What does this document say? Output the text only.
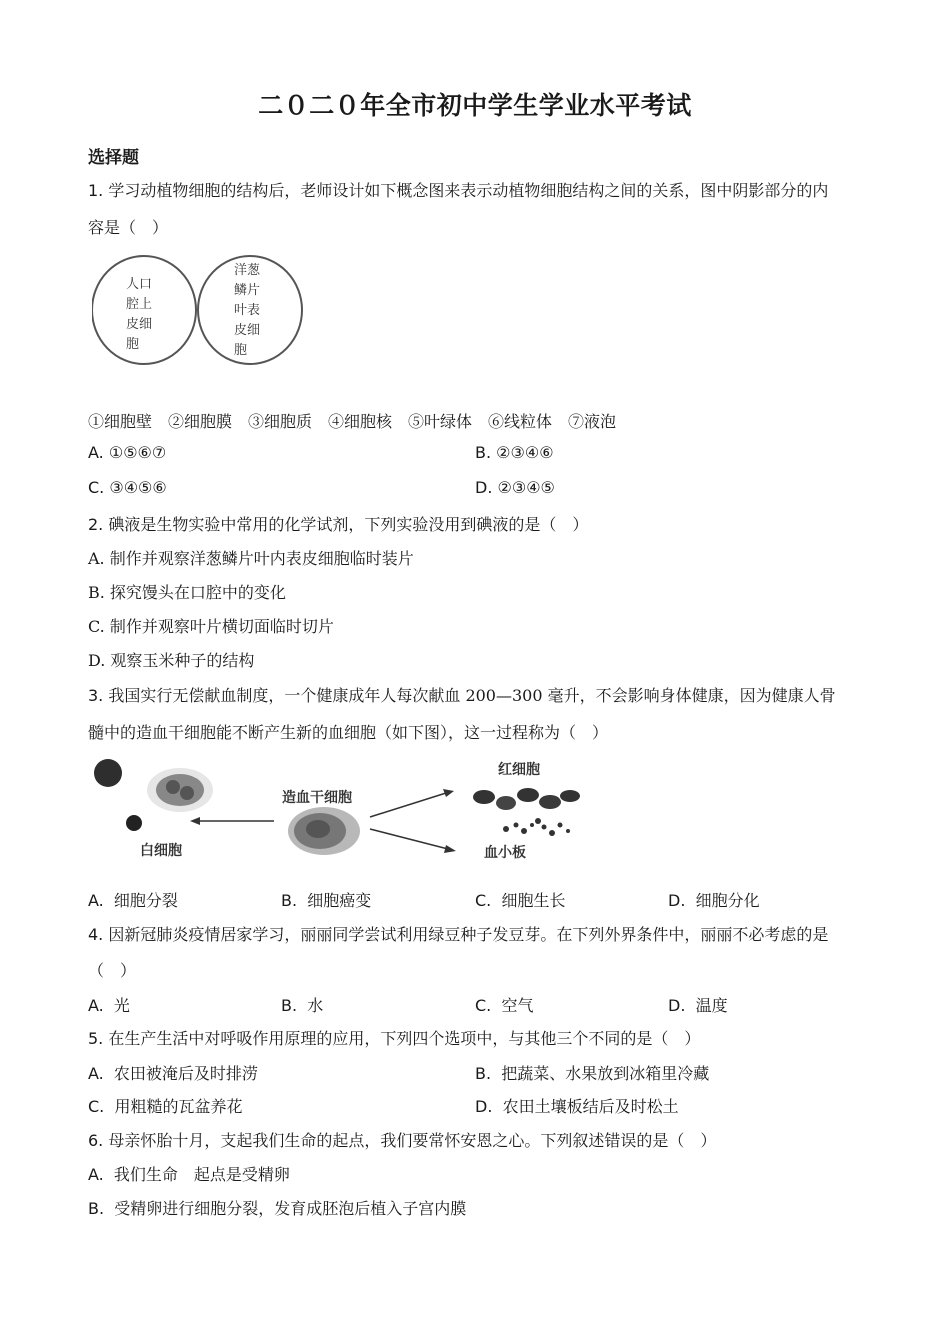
二０二０年全市初中学生学业水平考试
选择题
1. 学习动植物细胞的结构后，老师设计如下概念图来表示动植物细胞结构之间的关系，图中阴影部分的内
容是（　）
人口
腔上
皮细
胞
洋葱
鳞片
叶表
皮细
胞
①细胞壁　②细胞膜　③细胞质　④细胞核　⑤叶绿体　⑥线粒体　⑦液泡
A. ①⑤⑥⑦	B. ②③④⑥
C. ③④⑤⑥	D. ②③④⑤
2. 碘液是生物实验中常用的化学试剂，下列实验没用到碘液的是（　）
A. 制作并观察洋葱鳞片叶内表皮细胞临时装片
B. 探究馒头在口腔中的变化
C. 制作并观察叶片横切面临时切片
D. 观察玉米种子的结构
3. 我国实行无偿献血制度，一个健康成年人每次献血 200—300 毫升，不会影响身体健康，因为健康人骨
髓中的造血干细胞能不断产生新的血细胞（如下图），这一过程称为（　）
白细胞
造血干细胞
红细胞
血小板
A. 细胞分裂	B. 细胞癌变	C. 细胞生长	D. 细胞分化
4. 因新冠肺炎疫情居家学习，丽丽同学尝试利用绿豆种子发豆芽。在下列外界条件中，丽丽不必考虑的是
（　）
A. 光	B. 水	C. 空气	D. 温度
5. 在生产生活中对呼吸作用原理的应用，下列四个选项中，与其他三个不同的是（　）
A. 农田被淹后及时排涝	B. 把蔬菜、水果放到冰箱里冷藏
C. 用粗糙的瓦盆养花	D. 农田土壤板结后及时松土
6. 母亲怀胎十月，支起我们生命的起点，我们要常怀安恩之心。下列叙述错误的是（　）
A. 我们生命　起点是受精卵
B. 受精卵进行细胞分裂，发育成胚泡后植入子宫内膜
